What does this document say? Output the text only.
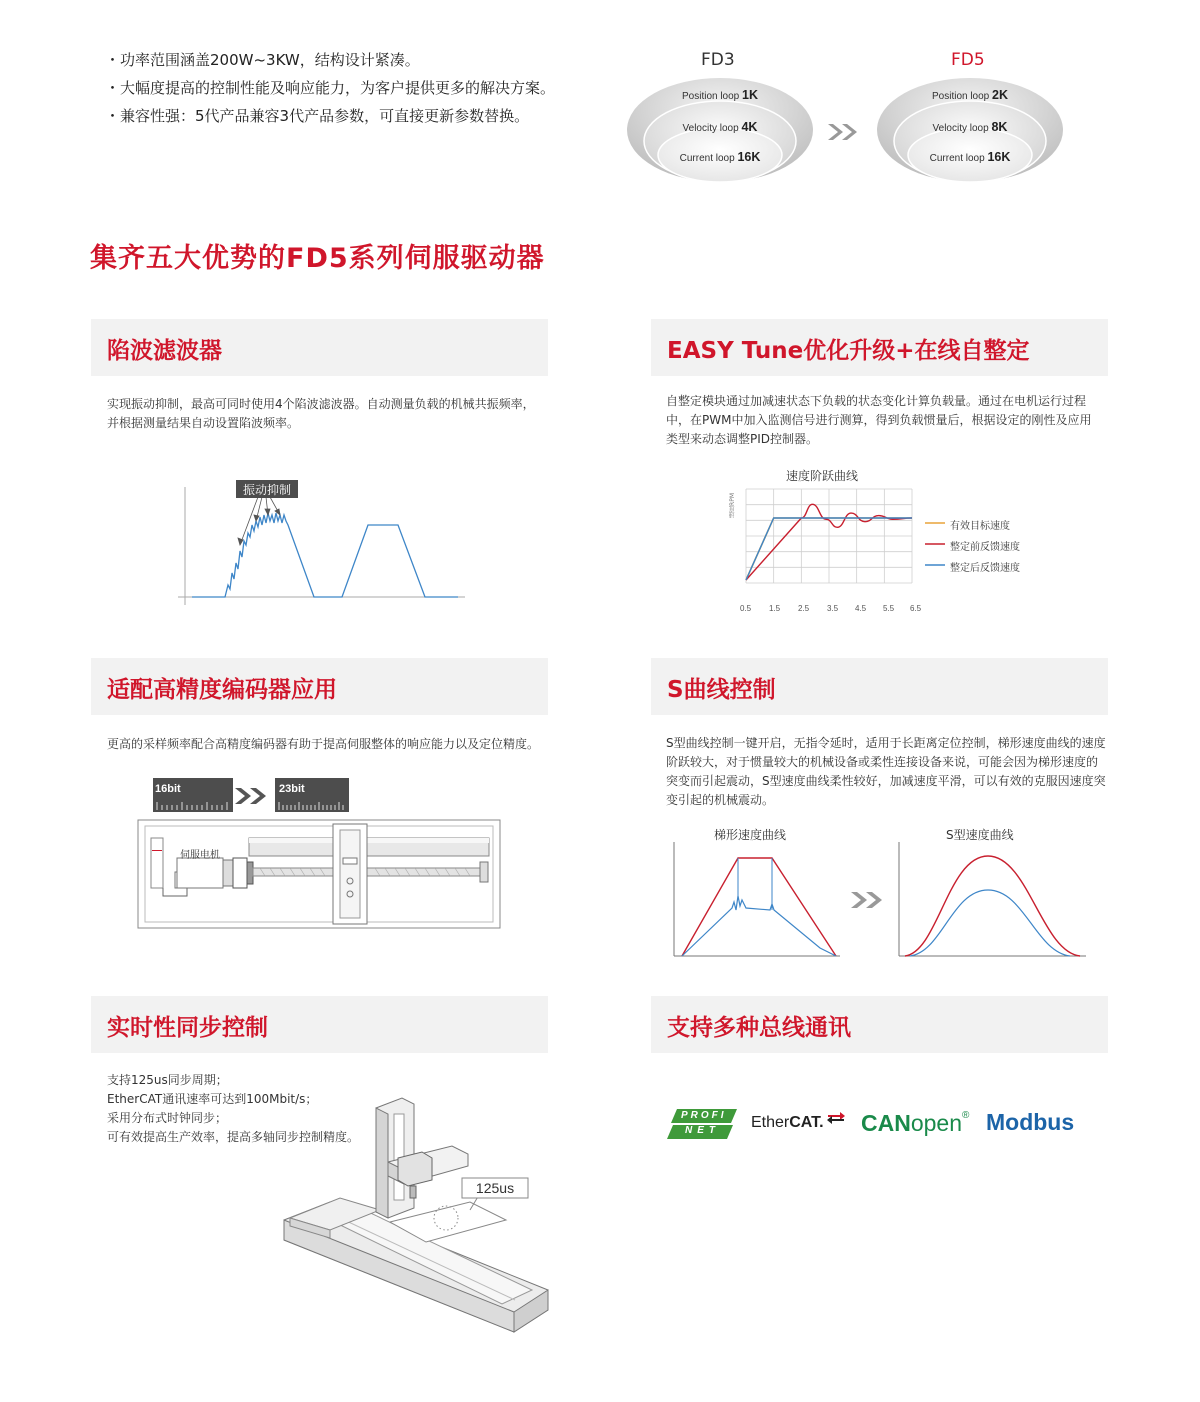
・功率范围涵盖200W~3KW，结构设计紧凑。
・大幅度提高的控制性能及响应能力，为客户提供更多的解决方案。
・兼容性强：5代产品兼容3代产品参数，可直接更新参数替换。
FD3	FD5
Position loop 1K
Velocity loop 4K
Current loop 16K
Position loop 2K
Velocity loop 8K
Current loop 16K
集齐五大优势的FD5系列伺服驱动器
陷波滤波器
实现振动抑制，最高可同时使用4个陷波滤波器。自动测量负载的机械共振频率，并根据测量结果自动设置陷波频率。
振动抑制
EASY Tune优化升级+在线自整定
自整定模块通过加减速状态下负载的状态变化计算负载量。通过在电机运行过程中，在PWM中加入监测信号进行测算，得到负载惯量后，根据设定的刚性及应用类型来动态调整PID控制器。
速度阶跃曲线
速度RPM
0.5 1.5 2.5 3.5 4.5 5.5 6.5
有效目标速度
整定前反馈速度
整定后反馈速度
适配高精度编码器应用
更高的采样频率配合高精度编码器有助于提高伺服整体的响应能力以及定位精度。
16bit	23bit
伺服电机
S曲线控制
S型曲线控制一键开启，无指令延时，适用于长距离定位控制，梯形速度曲线的速度阶跃较大，对于惯量较大的机械设备或柔性连接设备来说，可能会因为梯形速度的突变而引起震动，S型速度曲线柔性较好，加减速度平滑，可以有效的克服因速度突变引起的机械震动。
梯形速度曲线	S型速度曲线
实时性同步控制
支持125us同步周期；
EtherCAT通讯速率可达到100Mbit/s；
采用分布式时钟同步；
可有效提高生产效率，提高多轴同步控制精度。
125us
支持多种总线通讯
PROFI
NET EtherCAT. CANopen® Modbus
